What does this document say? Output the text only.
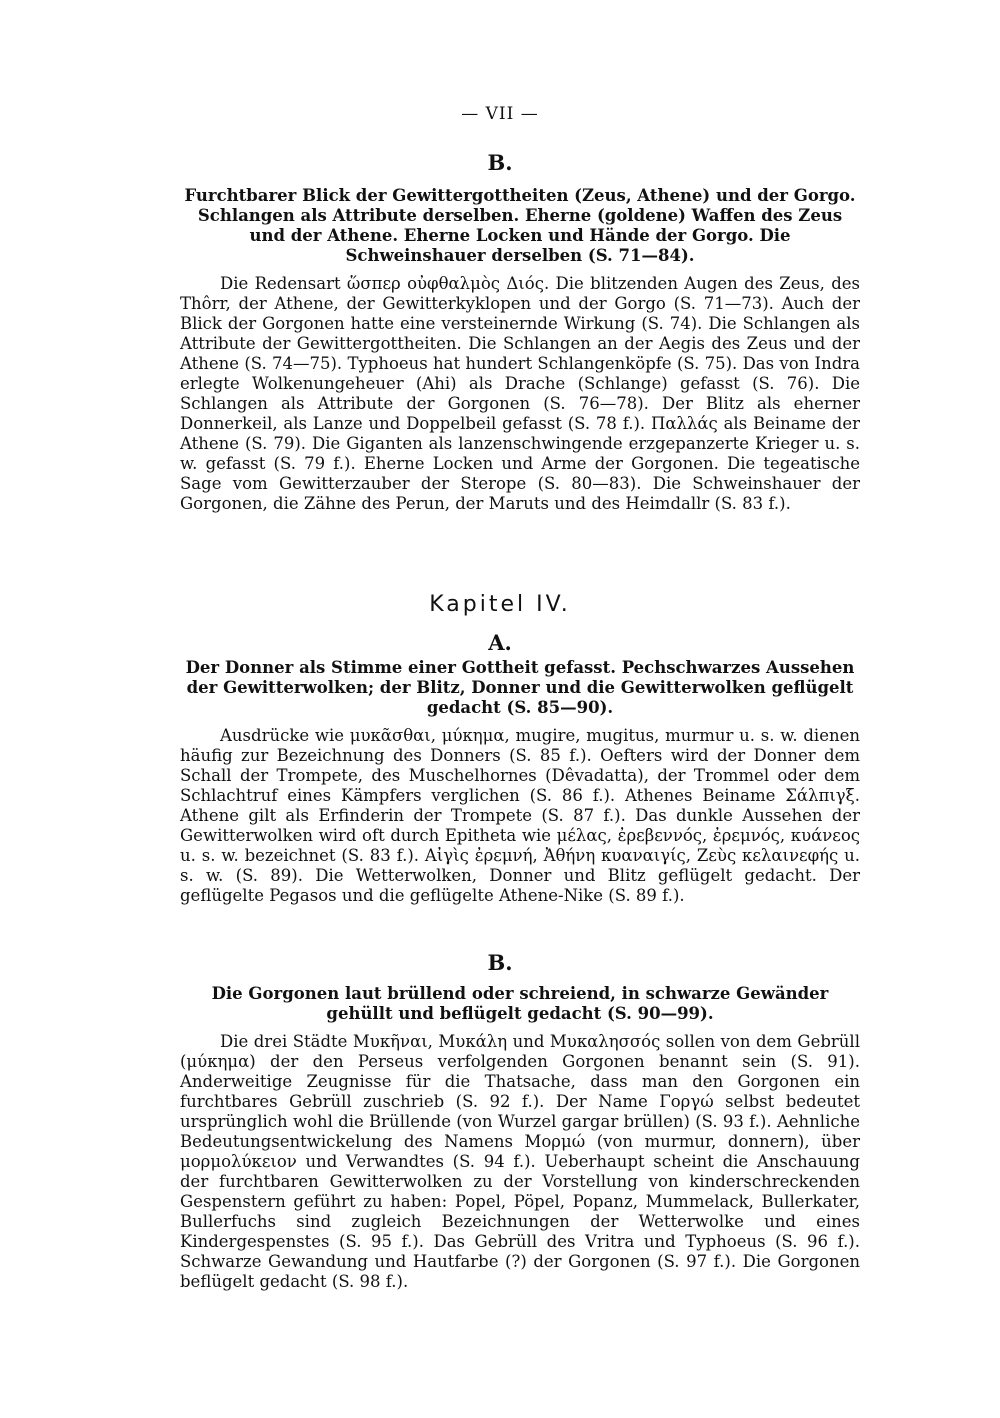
— VII —

B.

Furchtbarer Blick der Gewittergottheiten (Zeus, Athene) und der Gorgo. Schlangen als Attribute derselben. Eherne (goldene) Waffen des Zeus und der Athene. Eherne Locken und Hände der Gorgo. Die Schweinshauer derselben (S. 71—84).

Die Redensart ὥσπερ οὐφθαλμὸς Διός. Die blitzenden Augen des Zeus, des Thôrr, der Athene, der Gewitterkyklopen und der Gorgo (S. 71—73). Auch der Blick der Gorgonen hatte eine versteinernde Wirkung (S. 74). Die Schlangen als Attribute der Gewittergottheiten. Die Schlangen an der Aegis des Zeus und der Athene (S. 74—75). Typhoeus hat hundert Schlangenköpfe (S. 75). Das von Indra erlegte Wolkenungeheuer (Ahi) als Drache (Schlange) gefasst (S. 76). Die Schlangen als Attribute der Gorgonen (S. 76—78). Der Blitz als eherner Donnerkeil, als Lanze und Doppelbeil gefasst (S. 78 f.). Παλλάς als Beiname der Athene (S. 79). Die Giganten als lanzenschwingende erzgepanzerte Krieger u. s. w. gefasst (S. 79 f.). Eherne Locken und Arme der Gorgonen. Die tegeatische Sage vom Gewitterzauber der Sterope (S. 80—83). Die Schweinshauer der Gorgonen, die Zähne des Perun, der Maruts und des Heimdallr (S. 83 f.).

Kapitel IV.

A.

Der Donner als Stimme einer Gottheit gefasst. Pechschwarzes Aussehen der Gewitterwolken; der Blitz, Donner und die Gewitterwolken geflügelt gedacht (S. 85—90).

Ausdrücke wie μυκᾶσθαι, μύκημα, mugire, mugitus, murmur u. s. w. dienen häufig zur Bezeichnung des Donners (S. 85 f.). Oefters wird der Donner dem Schall der Trompete, des Muschelhornes (Dêvadatta), der Trommel oder dem Schlachtruf eines Kämpfers verglichen (S. 86 f.). Athenes Beiname Σάλπιγξ. Athene gilt als Erfinderin der Trompete (S. 87 f.). Das dunkle Aussehen der Gewitterwolken wird oft durch Epitheta wie μέλας, ἐρεβεννός, ἐρεμνός, κυάνεος u. s. w. bezeichnet (S. 83 f.). Αἰγὶς ἐρεμνή, Ἀθήνη κυαναιγίς, Ζεὺς κελαινεφής u. s. w. (S. 89). Die Wetterwolken, Donner und Blitz geflügelt gedacht. Der geflügelte Pegasos und die geflügelte Athene-Nike (S. 89 f.).

B.

Die Gorgonen laut brüllend oder schreiend, in schwarze Gewänder gehüllt und beflügelt gedacht (S. 90—99).

Die drei Städte Μυκῆναι, Μυκάλη und Μυκαλησσός sollen von dem Gebrüll (μύκημα) der den Perseus verfolgenden Gorgonen benannt sein (S. 91). Anderweitige Zeugnisse für die Thatsache, dass man den Gorgonen ein furchtbares Gebrüll zuschrieb (S. 92 f.). Der Name Γοργώ selbst bedeutet ursprünglich wohl die Brüllende (von Wurzel gargar brüllen) (S. 93 f.). Aehnliche Bedeutungsentwickelung des Namens Μορμώ (von murmur, donnern), über μορμολύκειον und Verwandtes (S. 94 f.). Ueberhaupt scheint die Anschauung der furchtbaren Gewitterwolken zu der Vorstellung von kinderschreckenden Gespenstern geführt zu haben: Popel, Pöpel, Popanz, Mummelack, Bullerkater, Bullerfuchs sind zugleich Bezeichnungen der Wetterwolke und eines Kindergespenstes (S. 95 f.). Das Gebrüll des Vritra und Typhoeus (S. 96 f.). Schwarze Gewandung und Hautfarbe (?) der Gorgonen (S. 97 f.). Die Gorgonen beflügelt gedacht (S. 98 f.).
